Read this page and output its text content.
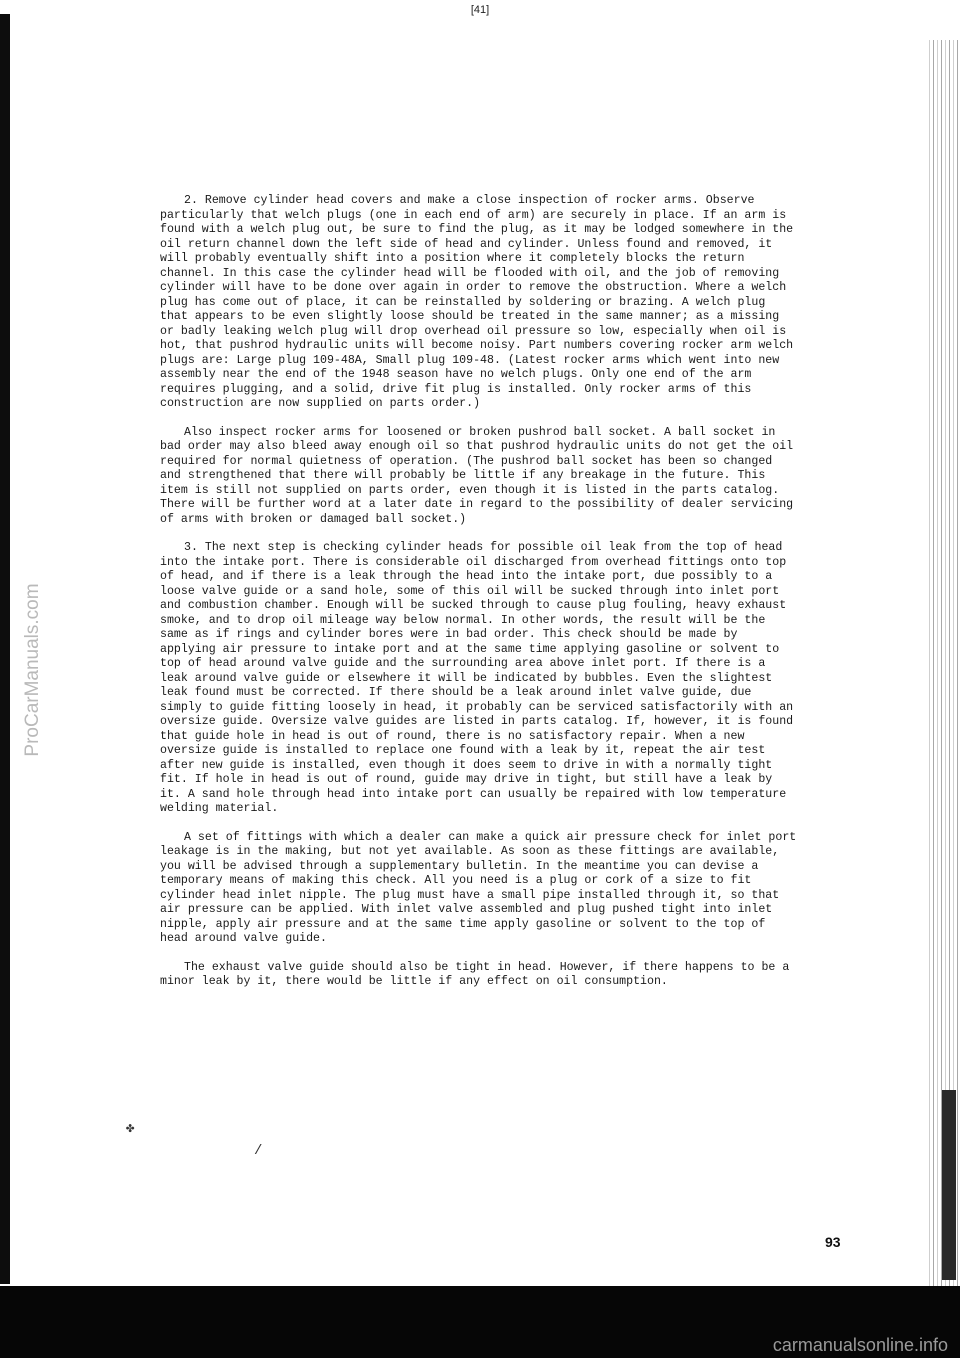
[41]
ProCarManuals.com

2. Remove cylinder head covers and make a close inspection of rocker arms. Observe particularly that welch plugs (one in each end of arm) are securely in place. If an arm is found with a welch plug out, be sure to find the plug, as it may be lodged somewhere in the oil return channel down the left side of head and cylinder. Unless found and removed, it will probably eventually shift into a position where it completely blocks the return channel. In this case the cylinder head will be flooded with oil, and the job of removing cylinder will have to be done over again in order to remove the obstruction. Where a welch plug has come out of place, it can be reinstalled by soldering or brazing. A welch plug that appears to be even slightly loose should be treated in the same manner; as a missing or badly leaking welch plug will drop overhead oil pressure so low, especially when oil is hot, that pushrod hydraulic units will become noisy. Part numbers covering rocker arm welch plugs are: Large plug 109-48A, Small plug 109-48. (Latest rocker arms which went into new assembly near the end of the 1948 season have no welch plugs. Only one end of the arm requires plugging, and a solid, drive fit plug is installed. Only rocker arms of this construction are now supplied on parts order.)

Also inspect rocker arms for loosened or broken pushrod ball socket. A ball socket in bad order may also bleed away enough oil so that pushrod hydraulic units do not get the oil required for normal quietness of operation. (The pushrod ball socket has been so changed and strengthened that there will probably be little if any breakage in the future. This item is still not supplied on parts order, even though it is listed in the parts catalog. There will be further word at a later date in regard to the possibility of dealer servicing of arms with broken or damaged ball socket.)

3. The next step is checking cylinder heads for possible oil leak from the top of head into the intake port. There is considerable oil discharged from overhead fittings onto top of head, and if there is a leak through the head into the intake port, due possibly to a loose valve guide or a sand hole, some of this oil will be sucked through into inlet port and combustion chamber. Enough will be sucked through to cause plug fouling, heavy exhaust smoke, and to drop oil mileage way below normal. In other words, the result will be the same as if rings and cylinder bores were in bad order. This check should be made by applying air pressure to intake port and at the same time applying gasoline or solvent to top of head around valve guide and the surrounding area above inlet port. If there is a leak around valve guide or elsewhere it will be indicated by bubbles. Even the slightest leak found must be corrected. If there should be a leak around inlet valve guide, due simply to guide fitting loosely in head, it probably can be serviced satisfactorily with an oversize guide. Oversize valve guides are listed in parts catalog. If, however, it is found that guide hole in head is out of round, there is no satisfactory repair. When a new oversize guide is installed to replace one found with a leak by it, repeat the air test after new guide is installed, even though it does seem to drive in with a normally tight fit. If hole in head is out of round, guide may drive in tight, but still have a leak by it. A sand hole through head into intake port can usually be repaired with low temperature welding material.

A set of fittings with which a dealer can make a quick air pressure check for inlet port leakage is in the making, but not yet available. As soon as these fittings are available, you will be advised through a supplementary bulletin. In the meantime you can devise a temporary means of making this check. All you need is a plug or cork of a size to fit cylinder head inlet nipple. The plug must have a small pipe installed through it, so that air pressure can be applied. With inlet valve assembled and plug pushed tight into inlet nipple, apply air pressure and at the same time apply gasoline or solvent to the top of head around valve guide.

The exhaust valve guide should also be tight in head. However, if there happens to be a minor leak by it, there would be little if any effect on oil consumption.

✤
/
93
carmanualsonline.info
